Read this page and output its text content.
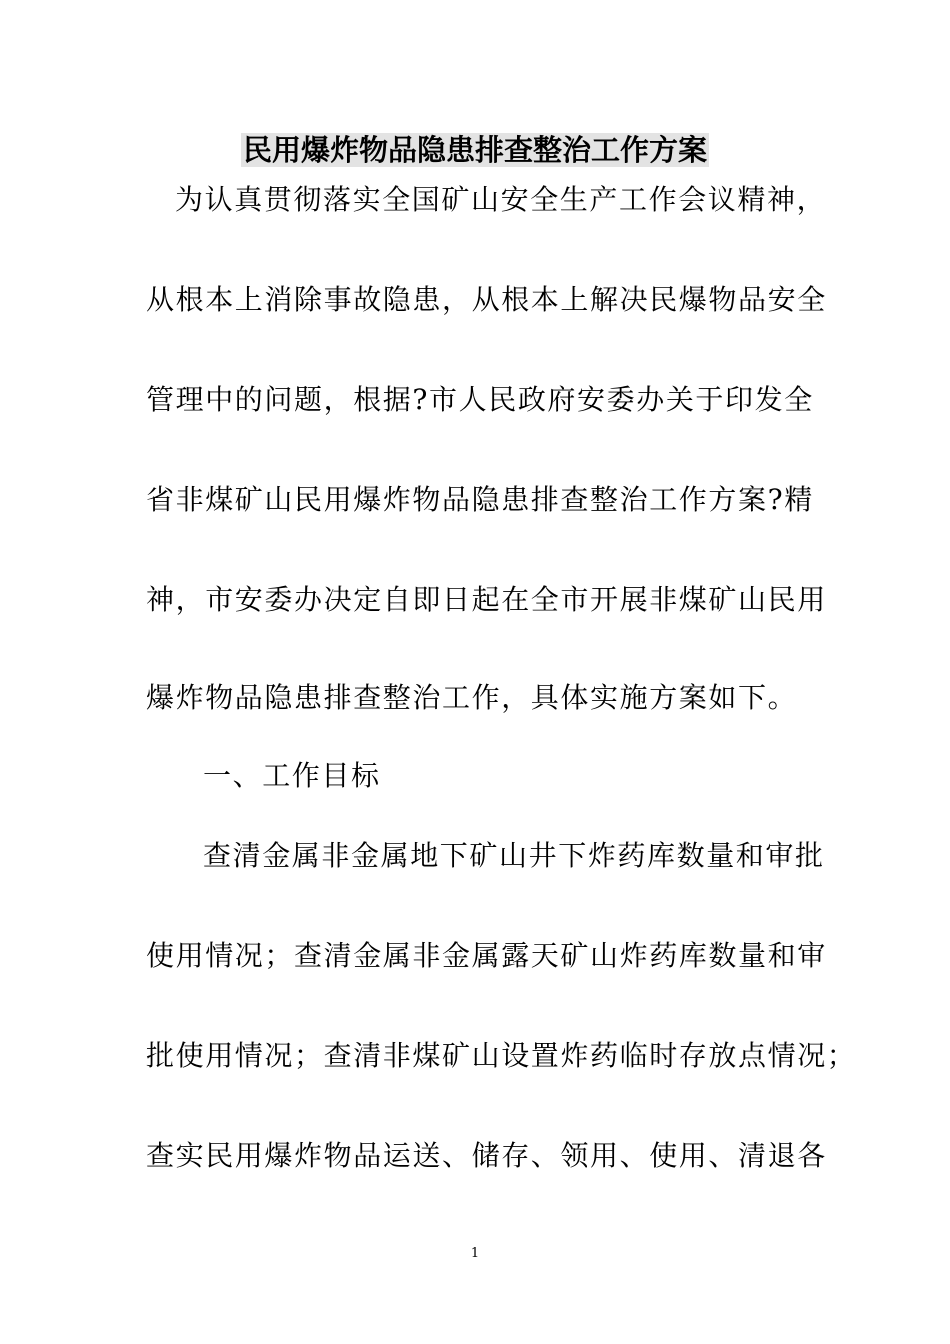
民用爆炸物品隐患排查整治工作方案
为认真贯彻落实全国矿山安全生产工作会议精神，
从根本上消除事故隐患，从根本上解决民爆物品安全
管理中的问题，根据?市人民政府安委办关于印发全
省非煤矿山民用爆炸物品隐患排查整治工作方案?精
神，市安委办决定自即日起在全市开展非煤矿山民用
爆炸物品隐患排查整治工作，具体实施方案如下。
一、工作目标
查清金属非金属地下矿山井下炸药库数量和审批
使用情况；查清金属非金属露天矿山炸药库数量和审
批使用情况；查清非煤矿山设置炸药临时存放点情况；
查实民用爆炸物品运送、储存、领用、使用、清退各
1
